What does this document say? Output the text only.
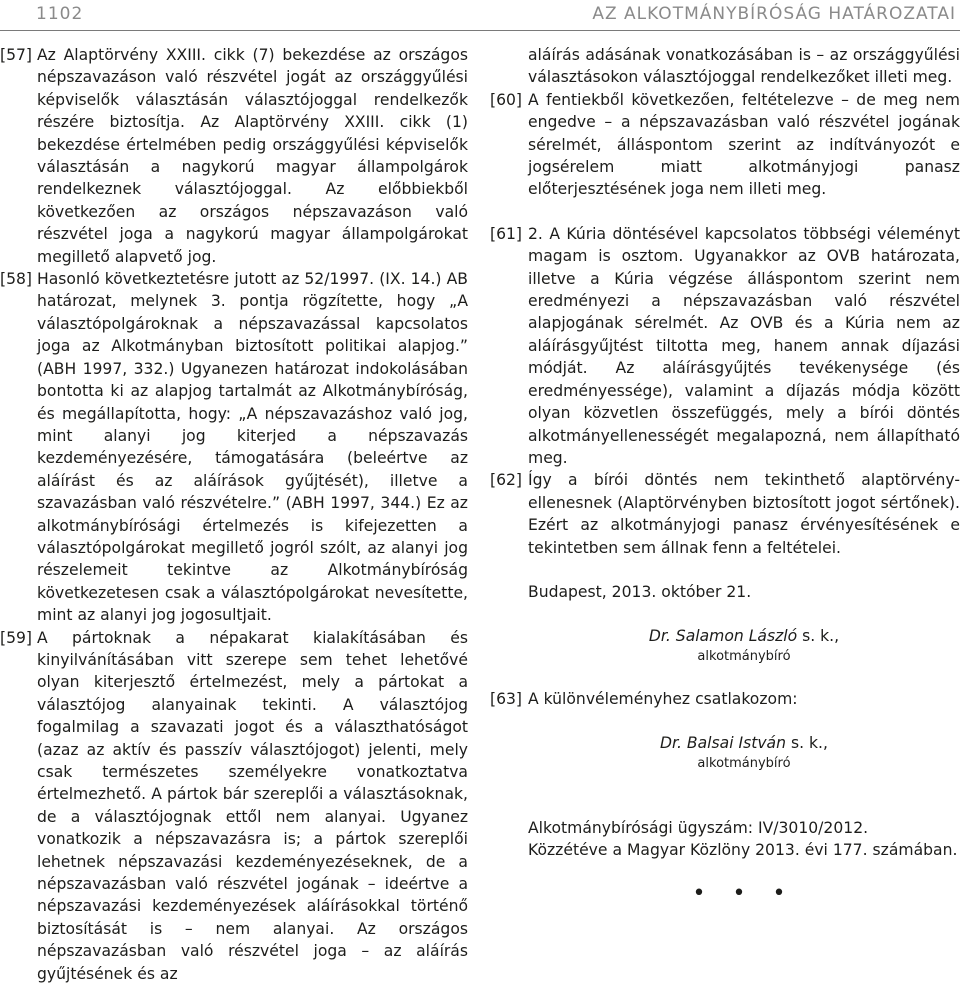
1102	AZ ALKOTMÁNYBÍRÓSÁG HATÁROZATAI

[57] Az Alaptörvény XXIII. cikk (7) bekezdése az országos népszavazáson való részvétel jogát az országgyűlési képviselők választásán választójoggal rendelkezők részére biztosítja. Az Alaptörvény XXIII. cikk (1) bekezdése értelmében pedig országgyűlési képviselők választásán a nagykorú magyar állampolgárok rendelkeznek választójoggal. Az előbbiekből következően az országos népszavazáson való részvétel joga a nagykorú magyar állampolgárokat megillető alapvető jog.

[58] Hasonló következtetésre jutott az 52/1997. (IX. 14.) AB határozat, melynek 3. pontja rögzítette, hogy „A választópolgároknak a népszavazással kapcsolatos joga az Alkotmányban biztosított politikai alapjog.” (ABH 1997, 332.) Ugyanezen határozat indokolásában bontotta ki az alapjog tartalmát az Alkotmánybíróság, és megállapította, hogy: „A népszavazáshoz való jog, mint alanyi jog kiterjed a népszavazás kezdeményezésére, támogatására (beleértve az aláírást és az aláírások gyűjtését), illetve a szavazásban való részvételre.” (ABH 1997, 344.) Ez az alkotmánybírósági értelmezés is kifejezetten a választópolgárokat megillető jogról szólt, az alanyi jog részelemeit tekintve az Alkotmánybíróság következetesen csak a választópolgárokat nevesítette, mint az alanyi jog jogosultjait.

[59] A pártoknak a népakarat kialakításában és kinyilvánításában vitt szerepe sem tehet lehetővé olyan kiterjesztő értelmezést, mely a pártokat a választójog alanyainak tekinti. A választójog fogalmilag a szavazati jogot és a választhatóságot (azaz az aktív és passzív választójogot) jelenti, mely csak természetes személyekre vonatkoztatva értelmezhető. A pártok bár szereplői a választásoknak, de a választójognak ettől nem alanyai. Ugyanez vonatkozik a népszavazásra is; a pártok szereplői lehetnek népszavazási kezdeményezéseknek, de a népszavazásban való részvétel jogának – ideértve a népszavazási kezdeményezések aláírásokkal történő biztosítását is – nem alanyai. Az országos népszavazásban való részvétel joga – az aláírás gyűjtésének és az

aláírás adásának vonatkozásában is – az országgyűlési választásokon választójoggal rendelkezőket illeti meg.

[60] A fentiekből következően, feltételezve – de meg nem engedve – a népszavazásban való részvétel jogának sérelmét, álláspontom szerint az indítványozót e jogsérelem miatt alkotmányjogi panasz előterjesztésének joga nem illeti meg.

[61] 2. A Kúria döntésével kapcsolatos többségi véleményt magam is osztom. Ugyanakkor az OVB határozata, illetve a Kúria végzése álláspontom szerint nem eredményezi a népszavazásban való részvétel alapjogának sérelmét. Az OVB és a Kúria nem az aláírásgyűjtést tiltotta meg, hanem annak díjazási módját. Az aláírásgyűjtés tevékenysége (és eredményessége), valamint a díjazás módja között olyan közvetlen összefüggés, mely a bírói döntés alkotmányellenességét megalapozná, nem állapítható meg.

[62] Így a bírói döntés nem tekinthető alaptörvény-ellenesnek (Alaptörvényben biztosított jogot sértőnek). Ezért az alkotmányjogi panasz érvényesítésének e tekintetben sem állnak fenn a feltételei.

Budapest, 2013. október 21.

Dr. Salamon László s. k.,
alkotmánybíró

[63] A különvéleményhez csatlakozom:

Dr. Balsai István s. k.,
alkotmánybíró

Alkotmánybírósági ügyszám: IV/3010/2012.

Közzétéve a Magyar Közlöny 2013. évi 177. számában.

• • •
